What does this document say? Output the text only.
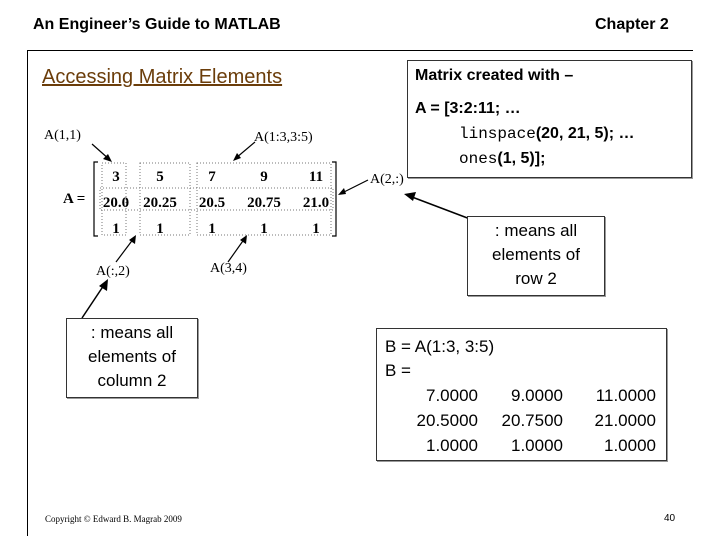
An Engineer’s Guide to MATLAB	Chapter 2
Accessing Matrix Elements	Matrix created with –
A = [3:2:11; …
linspace(20, 21, 5); …
ones(1, 5)];
A(1,1)	A(1:3,3:5)
A(2,:)
A(:,2)	A(3,4)
A =
3	5	7	9	11
20.0	20.25	20.5	20.75	21.0
1	1	1	1	1	: means all
elements of
row 2
: means all
elements of
column 2
B = A(1:3, 3:5)
B =
7.0000	9.0000	11.0000
20.5000	20.7500	21.0000
1.0000	1.0000	1.0000
Copyright © Edward B. Magrab 2009	40
